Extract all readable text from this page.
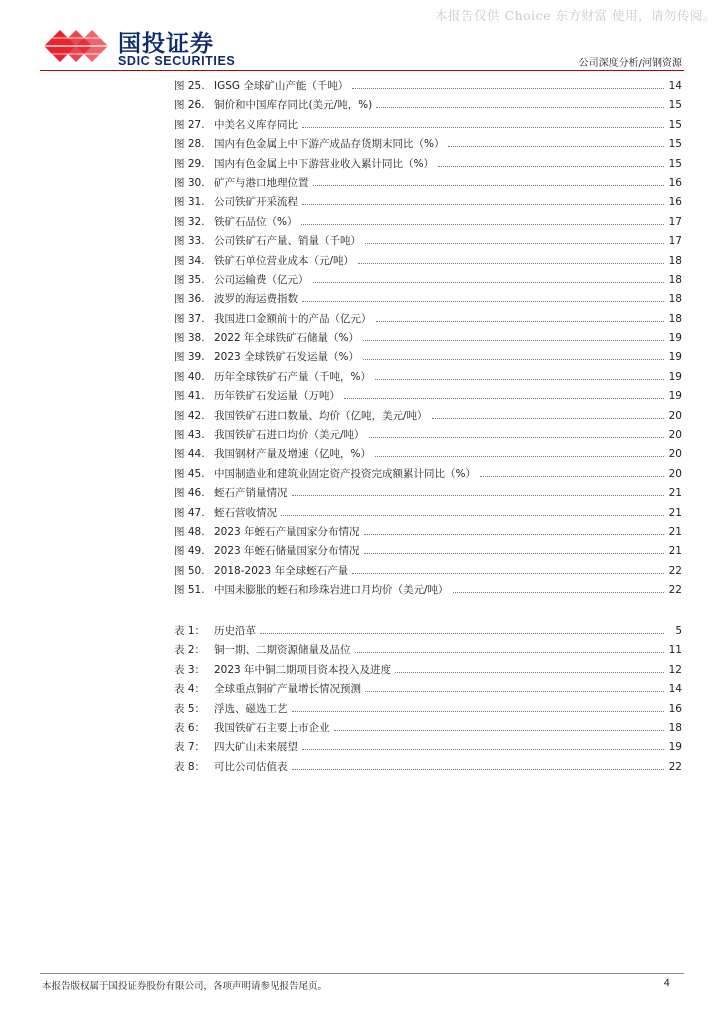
本报告仅供 Choice 东方财富 使用，请勿传阅。
国投证券
SDIC SECURITIES	公司深度分析/河钢资源
图 25. IGSG 全球矿山产能（千吨）	14
图 26. 铜价和中国库存同比(美元/吨，%)	15
图 27. 中美名义库存同比	15
图 28. 国内有色金属上中下游产成品存货期末同比（%）	15
图 29. 国内有色金属上中下游营业收入累计同比（%）	15
图 30. 矿产与港口地理位置	16
图 31. 公司铁矿开采流程	16
图 32. 铁矿石品位（%）	17
图 33. 公司铁矿石产量、销量（千吨）	17
图 34. 铁矿石单位营业成本（元/吨）	18
图 35. 公司运输费（亿元）	18
图 36. 波罗的海运费指数	18
图 37. 我国进口金额前十的产品（亿元）	18
图 38. 2022 年全球铁矿石储量（%）	19
图 39. 2023 全球铁矿石发运量（%）	19
图 40. 历年全球铁矿石产量（千吨，%）	19
图 41. 历年铁矿石发运量（万吨）	19
图 42. 我国铁矿石进口数量、均价（亿吨，美元/吨）	20
图 43. 我国铁矿石进口均价（美元/吨）	20
图 44. 我国钢材产量及增速（亿吨，%）	20
图 45. 中国制造业和建筑业固定资产投资完成额累计同比（%）	20
图 46. 蛭石产销量情况	21
图 47. 蛭石营收情况	21
图 48. 2023 年蛭石产量国家分布情况	21
图 49. 2023 年蛭石储量国家分布情况	21
图 50. 2018-2023 年全球蛭石产量	22
图 51. 中国未膨胀的蛭石和珍珠岩进口月均价（美元/吨）	22
表 1： 历史沿革	5
表 2： 铜一期、二期资源储量及品位	11
表 3： 2023 年中铜二期项目资本投入及进度	12
表 4： 全球重点铜矿产量增长情况预测	14
表 5： 浮选、磁选工艺	16
表 6： 我国铁矿石主要上市企业	18
表 7： 四大矿山未来展望	19
表 8： 可比公司估值表	22
本报告版权属于国投证券股份有限公司，各项声明请参见报告尾页。	4
